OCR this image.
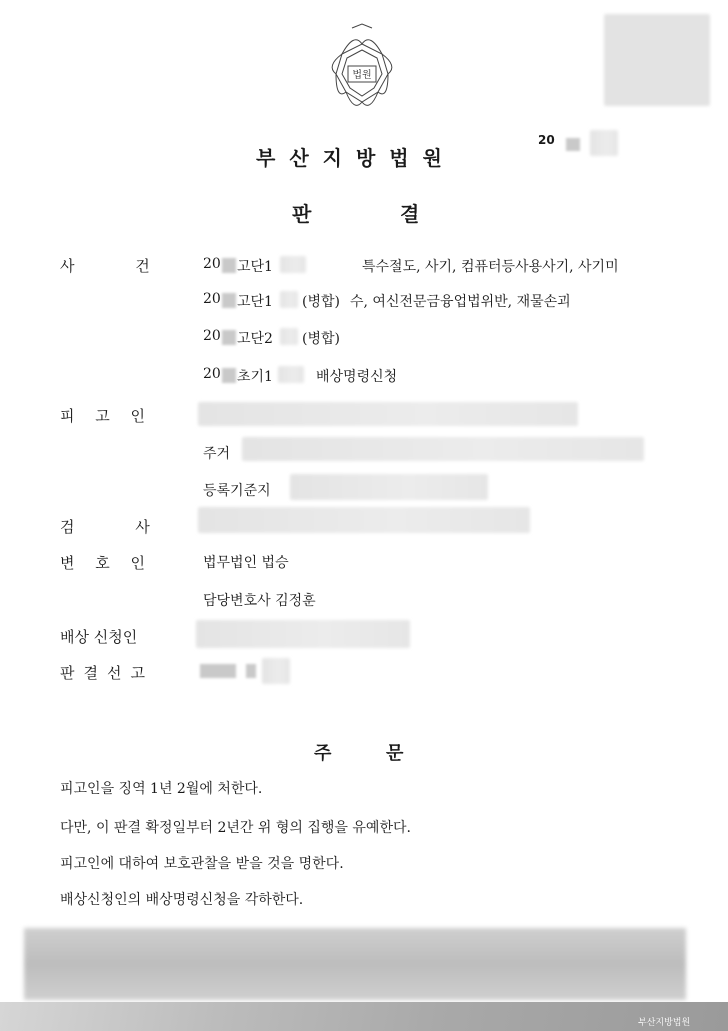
법원
부산지방법원
20
판	결
사 건	20 고단1	특수절도, 사기, 컴퓨터등사용사기, 사기미
20 고단1 (병합) 수, 여신전문금융업법위반, 재물손괴
20 고단2 (병합)
20 초기1	배상명령신청
피 고 인
주거
등록기준지
검 사
변 호 인	법무법인 법승
담당변호사 김정훈
배상 신청인
판결선고
주	문
피고인을 징역 1년 2월에 처한다.
다만, 이 판결 확정일부터 2년간 위 형의 집행을 유예한다.
피고인에 대하여 보호관찰을 받을 것을 명한다.
배상신청인의 배상명령신청을 각하한다.
부산지방법원
